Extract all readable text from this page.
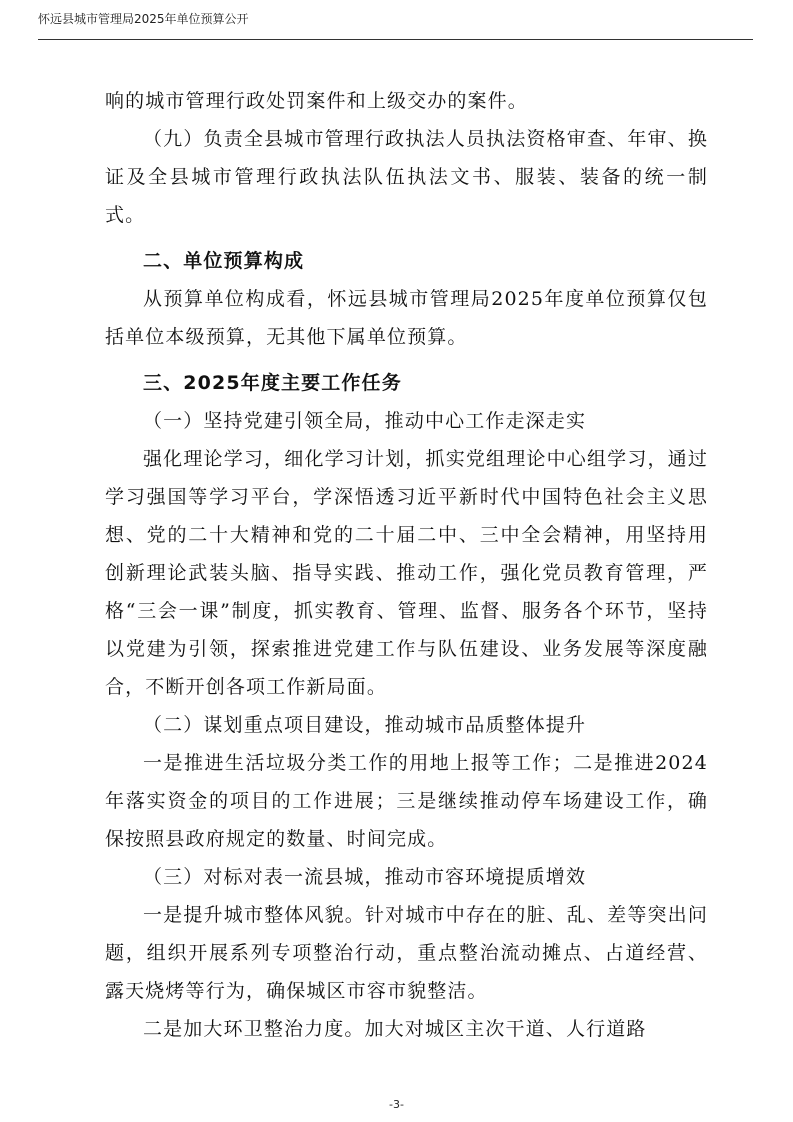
怀远县城市管理局2025年单位预算公开

响的城市管理行政处罚案件和上级交办的案件。

（九）负责全县城市管理行政执法人员执法资格审查、年审、换证及全县城市管理行政执法队伍执法文书、服装、装备的统一制式。

二、单位预算构成

从预算单位构成看，怀远县城市管理局2025年度单位预算仅包括单位本级预算，无其他下属单位预算。

三、2025年度主要工作任务

（一）坚持党建引领全局，推动中心工作走深走实

强化理论学习，细化学习计划，抓实党组理论中心组学习，通过学习强国等学习平台，学深悟透习近平新时代中国特色社会主义思想、党的二十大精神和党的二十届二中、三中全会精神，用坚持用创新理论武装头脑、指导实践、推动工作，强化党员教育管理，严格“三会一课”制度，抓实教育、管理、监督、服务各个环节，坚持以党建为引领，探索推进党建工作与队伍建设、业务发展等深度融合，不断开创各项工作新局面。

（二）谋划重点项目建设，推动城市品质整体提升

一是推进生活垃圾分类工作的用地上报等工作；二是推进2024年落实资金的项目的工作进展；三是继续推动停车场建设工作，确保按照县政府规定的数量、时间完成。

（三）对标对表一流县城，推动市容环境提质增效

一是提升城市整体风貌。针对城市中存在的脏、乱、差等突出问题，组织开展系列专项整治行动，重点整治流动摊点、占道经营、露天烧烤等行为，确保城区市容市貌整洁。

二是加大环卫整治力度。加大对城区主次干道、人行道路

-3-
